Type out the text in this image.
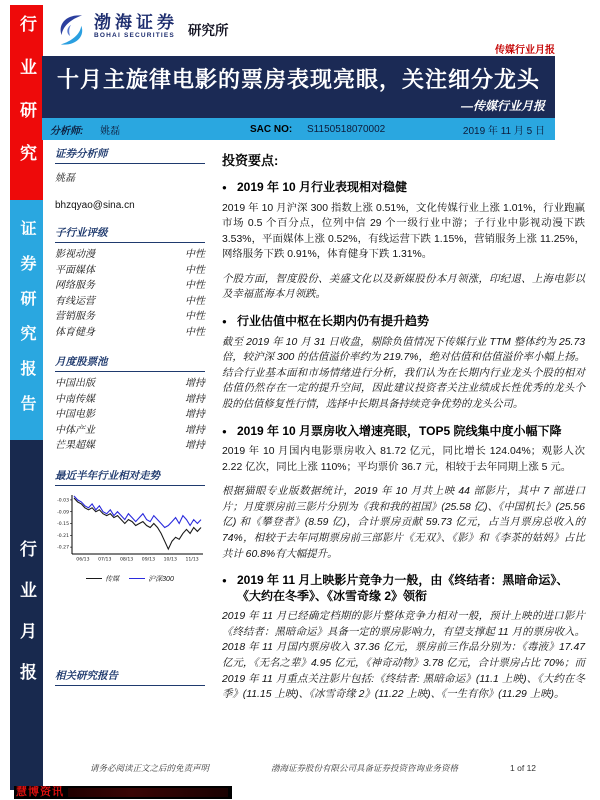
行业研究
证券研究报告
行业月报
渤海证券
BOHAI SECURITIES 研究所
传媒行业月报
十月主旋律电影的票房表现亮眼，关注细分龙头
—传媒行业月报
分析师: 姚磊	SAC NO: S1150518070002	2019 年 11 月 5 日
证券分析师
姚磊
bhzqyao@sina.cn
子行业评级
影视动漫	中性
平面媒体	中性
网络服务	中性
有线运营	中性
营销服务	中性
体育健身	中性
月度股票池
中国出版	增持
中南传媒	增持
中国电影	增持
中体产业	增持
芒果超媒	增持
最近半年行业相对走势
-0.03
-0.09
-0.15
-0.21
-0.27
06/13 07/13 08/13 09/13 10/13 11/13
传媒	沪深300
相关研究报告
投资要点:
● 2019 年 10 月行业表现相对稳健

2019 年 10 月沪深 300 指数上涨 0.51%，文化传媒行业上涨 1.01%，行业跑赢市场 0.5 个百分点，位列中信 29 个一级行业中游；子行业中影视动漫下跌 3.53%，平面媒体上涨 0.52%，有线运营下跌 1.15%，营销服务上涨 11.25%，网络服务下跌 0.91%，体育健身下跌 1.31%。

个股方面，智度股份、美盛文化以及新媒股份本月领涨，印纪退、上海电影以及幸福蓝海本月领跌。

● 行业估值中枢在长期内仍有提升趋势

截至 2019 年 10 月 31 日收盘，剔除负值情况下传媒行业 TTM 整体约为 25.73 倍，较沪深 300 的估值溢价率约为 219.7%，绝对估值和估值溢价率小幅上扬。结合行业基本面和市场情绪进行分析，我们认为在长期内行业龙头个股的相对估值仍然存在一定的提升空间，因此建议投资者关注业绩成长性优秀的龙头个股的估值修复性行情，选择中长期具备持续竞争优势的龙头公司。

● 2019 年 10 月票房收入增速亮眼，TOP5 院线集中度小幅下降

2019 年 10 月国内电影票房收入 81.72 亿元，同比增长 124.04%；观影人次 2.22 亿次，同比上涨 110%；平均票价 36.7 元，相较于去年同期上涨 5 元。

根据猫眼专业版数据统计，2019 年 10 月共上映 44 部影片，其中 7 部进口片；月度票房前三影片分别为《我和我的祖国》(25.58 亿)、《中国机长》(25.56 亿) 和《攀登者》(8.59 亿)，合计票房贡献 59.73 亿元，占当月票房总收入的 74%，相较于去年同期票房前三部影片《无双》、《影》和《李茶的姑妈》占比共计 60.8%有大幅提升。

● 2019 年 11 月上映影片竞争力一般，由《终结者：黑暗命运》、《大约在冬季》、《冰雪奇缘 2》领衔

2019 年 11 月已经确定档期的影片整体竞争力相对一般，预计上映的进口影片《终结者：黑暗命运》具备一定的票房影响力，有望支撑起 11 月的票房收入。2018 年 11 月国内票房收入 37.36 亿元，票房前三作品分别为：《毒液》17.47 亿元，《无名之辈》4.95 亿元，《神奇动物》3.78 亿元，合计票房占比 70%；而 2019 年 11 月重点关注影片包括:《终结者: 黑暗命运》(11.1 上映)、《大约在冬季》(11.15 上映)、《冰雪奇缘 2》(11.22 上映)、《一生有你》(11.29 上映)。

请务必阅读正文之后的免责声明	渤海证券股份有限公司具备证券投资咨询业务资格	1 of 12
慧博资讯
